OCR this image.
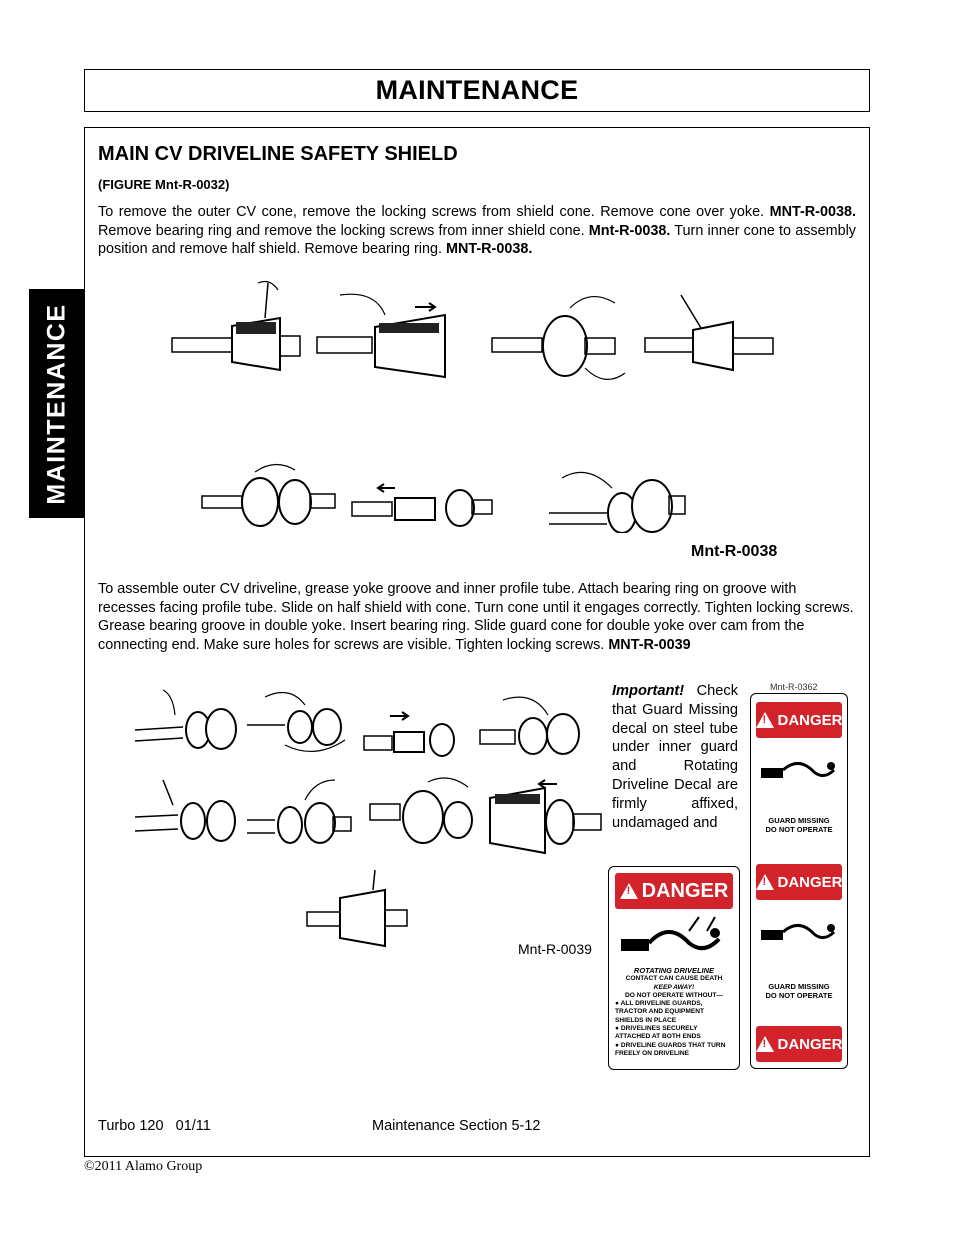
MAINTENANCE
MAINTENANCE
MAIN CV DRIVELINE SAFETY SHIELD
(FIGURE Mnt-R-0032)
To remove the outer CV cone, remove the locking screws from shield cone. Remove cone over yoke. MNT-R-0038. Remove bearing ring and remove the locking screws from inner shield cone. Mnt-R-0038. Turn inner cone to assembly position and remove half shield. Remove bearing ring. MNT-R-0038.
Mnt-R-0038
To assemble outer CV driveline, grease yoke groove and inner profile tube. Attach bearing ring on groove with recesses facing profile tube. Slide on half shield with cone. Turn cone until it engages correctly. Tighten locking screws. Grease bearing groove in double yoke. Insert bearing ring. Slide guard cone for double yoke over cam from the connecting end. Make sure holes for screws are visible. Tighten locking screws. MNT-R-0039
Mnt-R-0039
Important! Check that Guard Missing decal on steel tube under inner guard and Rotating Driveline Decal are firmly affixed, undamaged and
Mnt-R-0362
!
DANGER
GUARD MISSING
DO NOT OPERATE
!
DANGER
GUARD MISSING
DO NOT OPERATE
!
DANGER
!
DANGER
ROTATING DRIVELINE
CONTACT CAN CAUSE DEATH
KEEP AWAY!
DO NOT OPERATE WITHOUT—
● ALL DRIVELINE GUARDS, TRACTOR AND EQUIPMENT SHIELDS IN PLACE
● DRIVELINES SECURELY ATTACHED AT BOTH ENDS
● DRIVELINE GUARDS THAT TURN FREELY ON DRIVELINE
Turbo 120   01/11	Maintenance Section 5-12
©2011 Alamo Group
